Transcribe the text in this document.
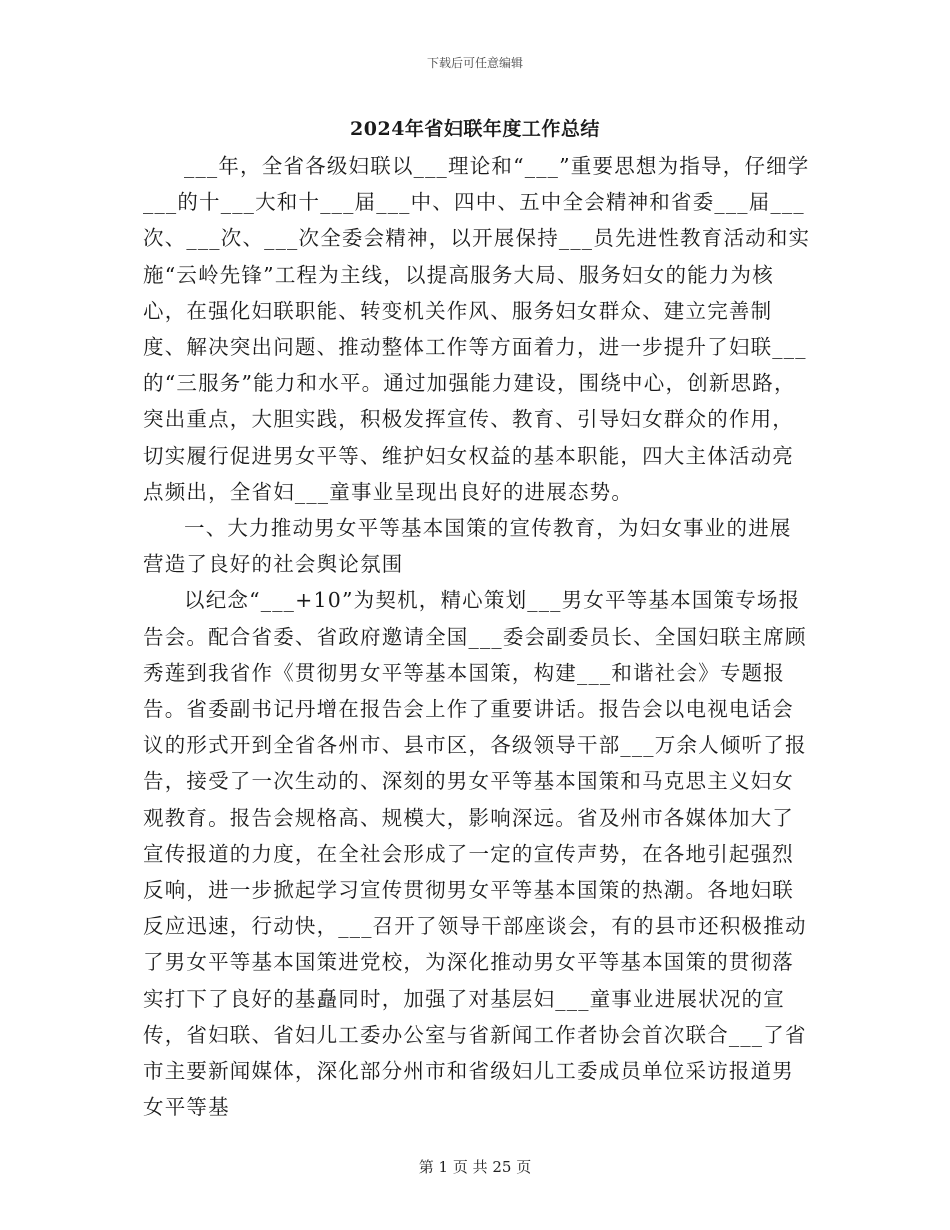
下载后可任意编辑
2024年省妇联年度工作总结

___年，全省各级妇联以___理论和“___”重要思想为指导，仔细学___的十___大和十___届___中、四中、五中全会精神和省委___届___次、___次、___次全委会精神，以开展保持___员先进性教育活动和实施“云岭先锋”工程为主线，以提高服务大局、服务妇女的能力为核心，在强化妇联职能、转变机关作风、服务妇女群众、建立完善制度、解决突出问题、推动整体工作等方面着力，进一步提升了妇联___的“三服务”能力和水平。通过加强能力建设，围绕中心，创新思路，突出重点，大胆实践，积极发挥宣传、教育、引导妇女群众的作用，切实履行促进男女平等、维护妇女权益的基本职能，四大主体活动亮点频出，全省妇___童事业呈现出良好的进展态势。

一、大力推动男女平等基本国策的宣传教育，为妇女事业的进展营造了良好的社会舆论氛围

以纪念“___+10”为契机，精心策划___男女平等基本国策专场报告会。配合省委、省政府邀请全国___委会副委员长、全国妇联主席顾秀莲到我省作《贯彻男女平等基本国策，构建___和谐社会》专题报告。省委副书记丹增在报告会上作了重要讲话。报告会以电视电话会议的形式开到全省各州市、县市区，各级领导干部___万余人倾听了报告，接受了一次生动的、深刻的男女平等基本国策和马克思主义妇女观教育。报告会规格高、规模大，影响深远。省及州市各媒体加大了宣传报道的力度，在全社会形成了一定的宣传声势，在各地引起强烈反响，进一步掀起学习宣传贯彻男女平等基本国策的热潮。各地妇联反应迅速，行动快，___召开了领导干部座谈会，有的县市还积极推动了男女平等基本国策进党校，为深化推动男女平等基本国策的贯彻落实打下了良好的基矗同时，加强了对基层妇___童事业进展状况的宣传，省妇联、省妇儿工委办公室与省新闻工作者协会首次联合___了省市主要新闻媒体，深化部分州市和省级妇儿工委成员单位采访报道男女平等基

第 1 页 共 25 页
